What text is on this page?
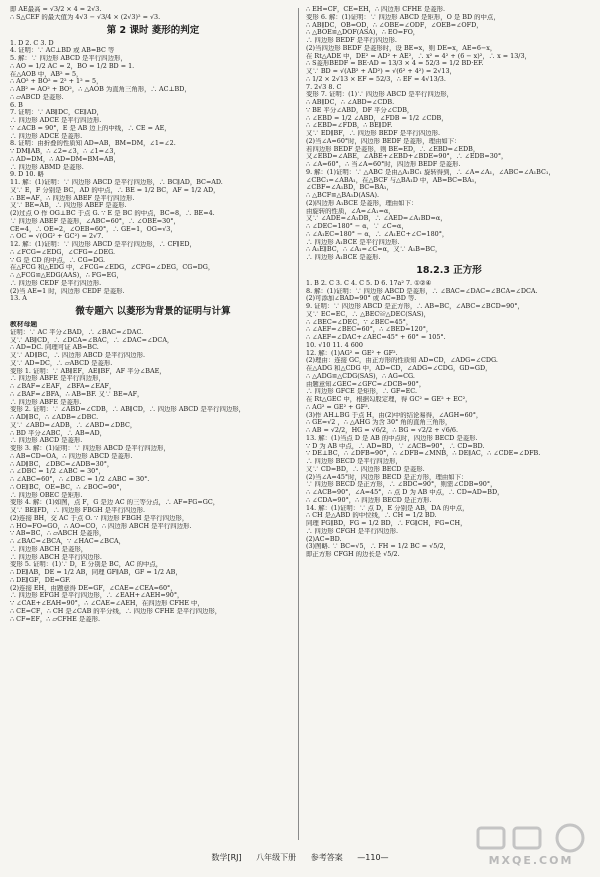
即 AE最高 = √3/2 × 4 = 2√3.
∴ S△CEF 的最大值为 4√3 − √3/4 × (2√3)² = √3.
第 2 课时 菱形的判定
1. D 2. C 3. D
4. 证明：∵ AC⊥BD 或 AB=BC 等
5. 解：∵ 四边形 ABCD 是平行四边形，
∴ AO = 1/2 AC = 2，BO = 1/2 BD = 1.
在△AOB 中，AB² = 5，
∴ AO² + BO² = 2² + 1² = 5，
∴ AB² = AO² + BO²，∴ △AOB 为直角三角形，∴ AC⊥BD，
∴ ▱ABCD 是菱形.
6. B
7. 证明：∵ AB∥DC，CE∥AD，
∴ 四边形 ADCE 是平行四边形.
∵ ∠ACB = 90°，E 是 AB 边上的中线，∴ CE = AE，
∴ 四边形 ADCE 是菱形.
8. 证明：由折叠的性质知 AD=AB，BM=DM，∠1=∠2.
∵ DM∥AB，∴ ∠2=∠3，∴ ∠1=∠3，
∴ AD=DM，∴ AD=DM=BM=AB，
∴ 四边形 ABMD 是菱形.
9. D 10. 略
11. 解：(1)证明：∵ 四边形 ABCD 是平行四边形，∴ BC∥AD，BC=AD.
又∵ E，F 分别是 BC，AD 的中点，∴ BE = 1/2 BC，AF = 1/2 AD，
∴ BE=AF，∴ 四边形 ABEF 是平行四边形.
又∵ BE=AB，∴ 四边形 ABEF 是菱形.
(2)过点 O 作 OG⊥BC 于点 G. ∵ E 是 BC 的中点，BC=8，∴ BE=4.
∵ 四边形 ABEF 是菱形，∠ABC=60°，∴ ∠OBE=30°，
CE=4，∴ OE=2，∠OEB=60°，∴ GE=1，OG=√3，
∴ OC = √(OG² + GC²) = 2√7.
12. 解：(1)证明：∵ 四边形 ABCD 是平行四边形，∴ CF∥ED，
∴ ∠FCG=∠EDG，∠CFG=∠DEG.
∵ G 是 CD 的中点，∴ CG=DG.
在△FCG 和△EDG 中，∠FCG=∠EDG，∠CFG=∠DEG，CG=DG，
∴ △FCG≌△EDG(AAS)，∴ FG=EG，
∴ 四边形 CEDF 是平行四边形.
(2)当 AE=1 时，四边形 CEDF 是菱形.
13. A
微专题六 以菱形为背景的证明与计算
教材母题
证明：∵ AC 平分∠BAD，∴ ∠BAC=∠DAC.
又∵ AB∥CD，∴ ∠DCA=∠BAC，∴ ∠DAC=∠DCA，
∴ AD=DC. 同理可证 AB=BC.
又∵ AD∥BC，∴ 四边形 ABCD 是平行四边形.
又∵ AD=DC，∴ ▱ABCD 是菱形.
变形 1. 证明：∵ AB∥EF，AE∥BF，AF 平分∠BAE，
∴ 四边形 ABFE 是平行四边形，
∴ ∠BAF=∠EAF，∠BFA=∠EAF，
∴ ∠BAF=∠BFA，∴ AB=BF. 又∵ BE=AF，
∴ 四边形 ABFE 是菱形.
变形 2. 证明：∵ ∠ABD=∠CDB，∴ AB∥CD，∴ 四边形 ABCD 是平行四边形，
∴ AD∥BC，∴ ∠ADB=∠DBC.
又∵ ∠ABD=∠ADB，∴ ∠ABD=∠DBC，
∴ BD 平分∠ABC，∴ AB=AD，
∴ 四边形 ABCD 是菱形.
变形 3. 解：(1)证明：∵ 四边形 ABCD 是平行四边形，
∴ AB=CD=OA，∴ 四边形 ABCD 是菱形.
∴ AD∥BC，∠DBC=∠ADB=30°，
∴ ∠DBC = 1/2 ∠ABC = 30°，
∴ ∠ABC=60°，∴ ∠DBC = 1/2 ∠ABC = 30°.
∴ OE∥BC，OE=BC，∴ ∠BOC=90°，
∴ 四边形 OBEC 是矩形.
变形 4. 解：(1)如图，点 F，G 是边 AC 的三等分点，∴ AF=FG=GC，
又∵ BE∥FD，∴ 四边形 FBGH 是平行四边形.
(2)连接 BH，交 AC 于点 O. ∵ 四边形 FBGH 是平行四边形，
∴ HO=FO=GO，∴ AO=CO，∴ 四边形 ABCH 是平行四边形.
∵ AB=BC，∴ ▱ABCH 是菱形，
∴ ∠BAC=∠BCA，∵ ∠HAC=∠BCA，
∴ 四边形 ABCH 是菱形，
∴ 四边形 ABCH 是平行四边形.
变形 5. 证明：(1)∵ D，E 分别是 BC，AC 的中点，
∴ DE∥AB，DE = 1/2 AB，同理 GF∥AB，GF = 1/2 AB，
∴ DE∥GF，DE=GF.
(2)连接 EH，由题意得 DE=GF，∠CAE=∠CEA=60°，
∴ 四边形 EFGH 是平行四边形，∴ ∠EAH+∠AEH=90°，
∵ ∠CAE+∠EAH=90°，∴ ∠CAE=∠AEH，在四边形 CFHE 中，
∴ CE=CF，∴ CH 是∠CAB 的平分线，∴ 四边形 CFHE 是平行四边形，
∴ CF=EF，∴ ▱CFHE 是菱形.
∴ EH=CF，CE=EH，∴ 四边形 CFHE 是菱形.
变形 6. 解：(1)证明：∵ 四边形 ABCD 是矩形，O 是 BD 的中点，
∴ AB∥DC，OB=OD，∴ ∠OBE=∠ODF，∠OEB=∠OFD，
∴ △BOE≌△DOF(ASA)，∴ EO=FO，
∴ 四边形 BEDF 是平行四边形.
(2)当四边形 BEDF 是菱形时，设 BE=x，则 DE=x，AE=6−x，
在 Rt△ADE 中，DE² = AD² + AE²，∴ x² = 4² + (6 − x)²，∴ x = 13/3，
∴ S菱形BEDF = BE·AD = 13/3 × 4 = 52/3 = 1/2 BD·EF.
又∵ BD = √(AB² + AD²) = √(6² + 4²) = 2√13，
∴ 1/2 × 2√13 × EF = 52/3，∴ EF = 4√13/3.
7. 2√3 8. C
变形 7. 证明：(1)∵ 四边形 ABCD 是平行四边形，
∴ AB∥DC，∴ ∠ABD=∠CDB.
∵ BE 平分∠ABD，DF 平分∠CDB，
∴ ∠EBD = 1/2 ∠ABD，∠FDB = 1/2 ∠CDB，
∴ ∠EBD=∠FDB，∴ BE∥DF.
又∵ ED∥BF，∴ 四边形 BEDF 是平行四边形.
(2)当∠A=60°时，四边形 BEDF 是菱形，理由如下：
若四边形 BEDF 是菱形，则 BE=ED，∴ ∠EBD=∠EDB，
又∠EBD=∠ABE，∠ABE+∠EBD+∠BDE=90°，∴ ∠EDB=30°，
∴ ∠A=60°，∴ 当∠A=60°时，四边形 BEDF 是菱形.
9. 解：(1)证明：∵ △ABC 是由△A₁BC₁ 旋转得到，∴ ∠A=∠A₁，∠ABC=∠A₁BC₁，
∠CBC₁=∠ABA₁，在△BCF 与△BA₁D 中，AB=BC=BA₁，
∠CBF=∠A₁BD，BC=BA₁，
∴ △BCF≌△BA₁D(ASA).
(2)四边形 A₁BCE 是菱形，理由如下：
由旋转的性质，∠A=∠A₁=α，
又∵ ∠ADE=∠A₁DB，∴ ∠AED=∠A₁BD=α，
∴ ∠DEC=180° − α，∵ ∠C=α，
∴ ∠A₁EC=180° − α，∴ ∠A₁EC+∠C=180°，
∴ 四边形 A₁BCE 是平行四边形.
∴ A₁E∥BC，∴ ∠A₁=∠C=α，又∵ A₁B=BC，
∴ 四边形 A₁BCE 是菱形.
18.2.3 正方形
1. B 2. C 3. C 4. C 5. D 6. 17a² 7. ①②④
8. 解：(1)证明：∵ 四边形 ABCD 是菱形，∴ ∠BAC=∠DAC=∠BCA=∠DCA.
(2)可添加∠BAD=90° 或 AC=BD 等.
9. 证明：∵ 四边形 ABCD 是正方形，∴ AB=BC，∠ABC=∠BCD=90°，
又∵ EC=EC，∴ △BEC≌△DEC(SAS)，
∴ ∠BEC=∠DEC，∵ ∠BEC=45°，
∴ ∠AEF=∠BEC=60°，∴ ∠BED=120°，
∴ ∠AEF=∠DAC+∠AEC=45° + 60° = 105°.
10. √10 11. 4 600
12. 解：(1)AG² = GE² + GF².
(2)理由：连接 GC，由正方形的性质知 AD=CD，∠ADG=∠CDG.
在△ADG 和△CDG 中，AD=CD，∠ADG=∠CDG，GD=GD，
∴ △ADG≌△CDG(SAS)，∴ AG=CG.
由题意知∠GEC=∠GFC=∠DCB=90°，
∴ 四边形 GFCE 是矩形，∴ GF=EC.
在 Rt△GEC 中，根据勾股定理，得 GC² = GE² + EC²，
∴ AG² = GE² + GF².
(3)作 AH⊥BG 于点 H，由(2)中的结论易得，∠AGH=60°，
∴ GE=√2 ，∴ △AHG 为含 30° 角的直角三角形，
∴ AB = √2/2，HG = √6/2，∴ BG = √2/2 + √6/6.
13. 解：(1)当点 D 是 AB 的中点时，四边形 BECD 是菱形.
∵ D 为 AB 中点，∴ AD=BD，∵ ∠ACB=90°，∴ CD=BD.
∵ DE⊥BC，∴ ∠DFB=90°，∴ ∠DFB=∠MNB，∴ DE∥AC，∴ ∠CDE=∠DFB.
∴ 四边形 BECD 是平行四边形，
又∵ CD=BD，∴ 四边形 BECD 是菱形.
(2)当∠A=45°时，四边形 BECD 是正方形，理由如下：
∵ 四边形 BECD 是正方形，∴ ∠BDC=90°，则需∠CDB=90°，
∴ ∠ACB=90°，∠A=45°，∴ 点 D 为 AB 中点，∴ CD=AD=BD，
∴ ∠CDA=90°，∴ 四边形 BECD 是正方形.
14. 解：(1)证明：∵ 点 D，E 分别是 AB，DA 的中点，
∴ CH 是△ABD 的中位线，∴ CH = 1/2 BD.
同理 FG∥BD，FG = 1/2 BD，∴ FG∥CH，FG=CH，
∴ 四边形 CFGH 是平行四边形.
(2)AC=BD.
(3)图略. ∵ BC=√5，∴ FH = 1/2 BC = √5/2，
即正方形 CFGH 的边长是 √5/2.
数学[RJ] 八年级下册 参考答案 —110—	MXQE.COM
